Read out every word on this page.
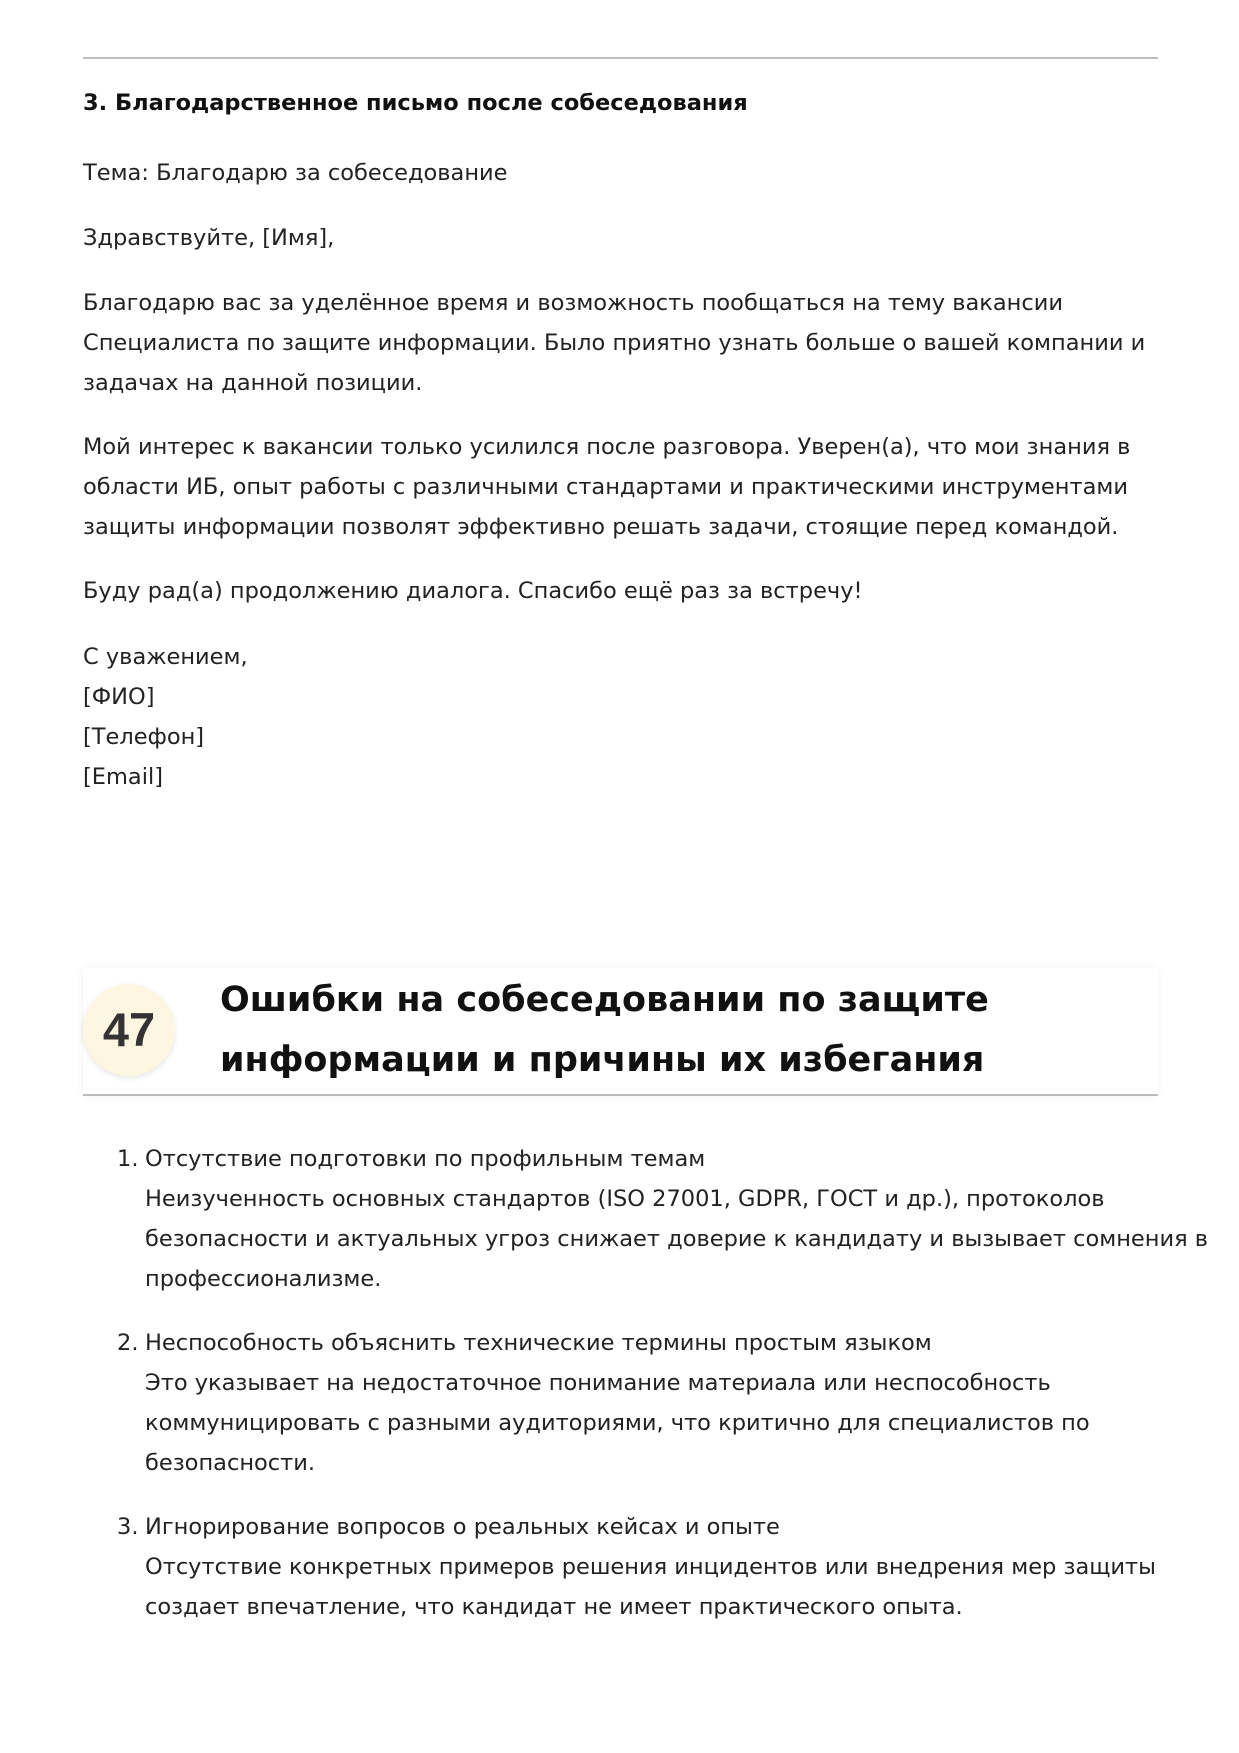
3. Благодарственное письмо после собеседования
Тема: Благодарю за собеседование
Здравствуйте, [Имя],
Благодарю вас за уделённое время и возможность пообщаться на тему вакансии
Специалиста по защите информации. Было приятно узнать больше о вашей компании и
задачах на данной позиции.
Мой интерес к вакансии только усилился после разговора. Уверен(а), что мои знания в
области ИБ, опыт работы с различными стандартами и практическими инструментами
защиты информации позволят эффективно решать задачи, стоящие перед командой.
Буду рад(а) продолжению диалога. Спасибо ещё раз за встречу!
С уважением,
[ФИО]
[Телефон]
[Email]
47
Ошибки на собеседовании по защите
информации и причины их избегания
1. Отсутствие подготовки по профильным темам
Неизученность основных стандартов (ISO 27001, GDPR, ГОСТ и др.), протоколов
безопасности и актуальных угроз снижает доверие к кандидату и вызывает сомнения в
профессионализме.
2. Неспособность объяснить технические термины простым языком
Это указывает на недостаточное понимание материала или неспособность
коммуницировать с разными аудиториями, что критично для специалистов по
безопасности.
3. Игнорирование вопросов о реальных кейсах и опыте
Отсутствие конкретных примеров решения инцидентов или внедрения мер защиты
создает впечатление, что кандидат не имеет практического опыта.
